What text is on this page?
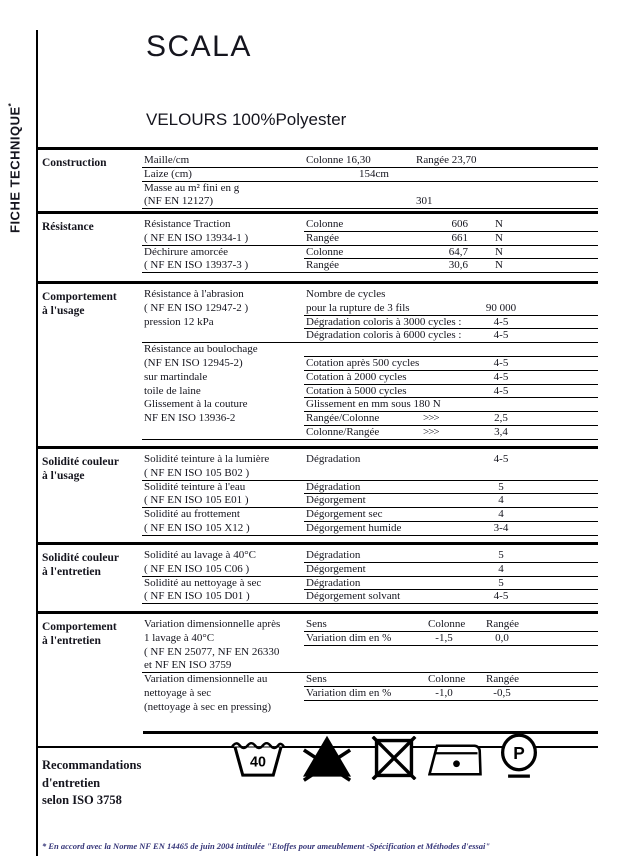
FICHE TECHNIQUE*
SCALA
VELOURS 100%Polyester
Construction	Maille/cm	Colonne 16,30	Rangée 23,70
Laize (cm)	154cm
Masse au m² fini en g
(NF EN 12127)	301
Résistance	Résistance Traction	Colonne	606 N
( NF EN ISO 13934-1 )	Rangée	661 N
Déchirure amorcée	Colonne	64,7 N
( NF EN ISO 13937-3 )	Rangée	30,6 N
Comportement
à l'usage
Résistance à l'abrasion	Nombre de cycles
( NF EN ISO 12947-2 )	pour la rupture de 3 fils	90 000
pression 12 kPa	Dégradation coloris à 3000 cycles :	4-5
Dégradation coloris à 6000 cycles :	4-5
Résistance au boulochage
(NF EN ISO 12945-2)	Cotation après 500 cycles	4-5
sur martindale	Cotation à 2000 cycles	4-5
toile de laine	Cotation à 5000 cycles	4-5
Glissement à la couture	Glissement en mm sous 180 N
NF EN ISO 13936-2	Rangée/Colonne	>>>	2,5
Colonne/Rangée	>>>	3,4
Solidité couleur
à l'usage
Solidité teinture à la lumière	Dégradation	4-5
( NF EN ISO 105 B02 )
Solidité teinture à l'eau	Dégradation	5
( NF EN ISO 105 E01 )	Dégorgement	4
Solidité au frottement	Dégorgement sec	4
( NF EN ISO 105 X12 )	Dégorgement humide	3-4
Solidité couleur
à l'entretien
Solidité au lavage à 40°C	Dégradation	5
( NF EN ISO 105 C06 )	Dégorgement	4
Solidité au nettoyage à sec	Dégradation	5
( NF EN ISO 105 D01 )	Dégorgement solvant	4-5
Comportement
à l'entretien
Variation dimensionnelle après	Sens	Colonne Rangée
1 lavage à 40°C	Variation dim en %	-1,5	0,0
( NF EN 25077, NF EN 26330
et NF EN ISO 3759
Variation dimensionnelle au	Sens	Colonne Rangée
nettoyage à sec	Variation dim en %	-1,0	-0,5
(nettoyage à sec en pressing)
Recommandations
d'entretien
selon ISO 3758
40	P
* En accord avec la Norme NF EN 14465 de juin 2004 intitulée "Etoffes pour ameublement -Spécification et Méthodes d'essai"
